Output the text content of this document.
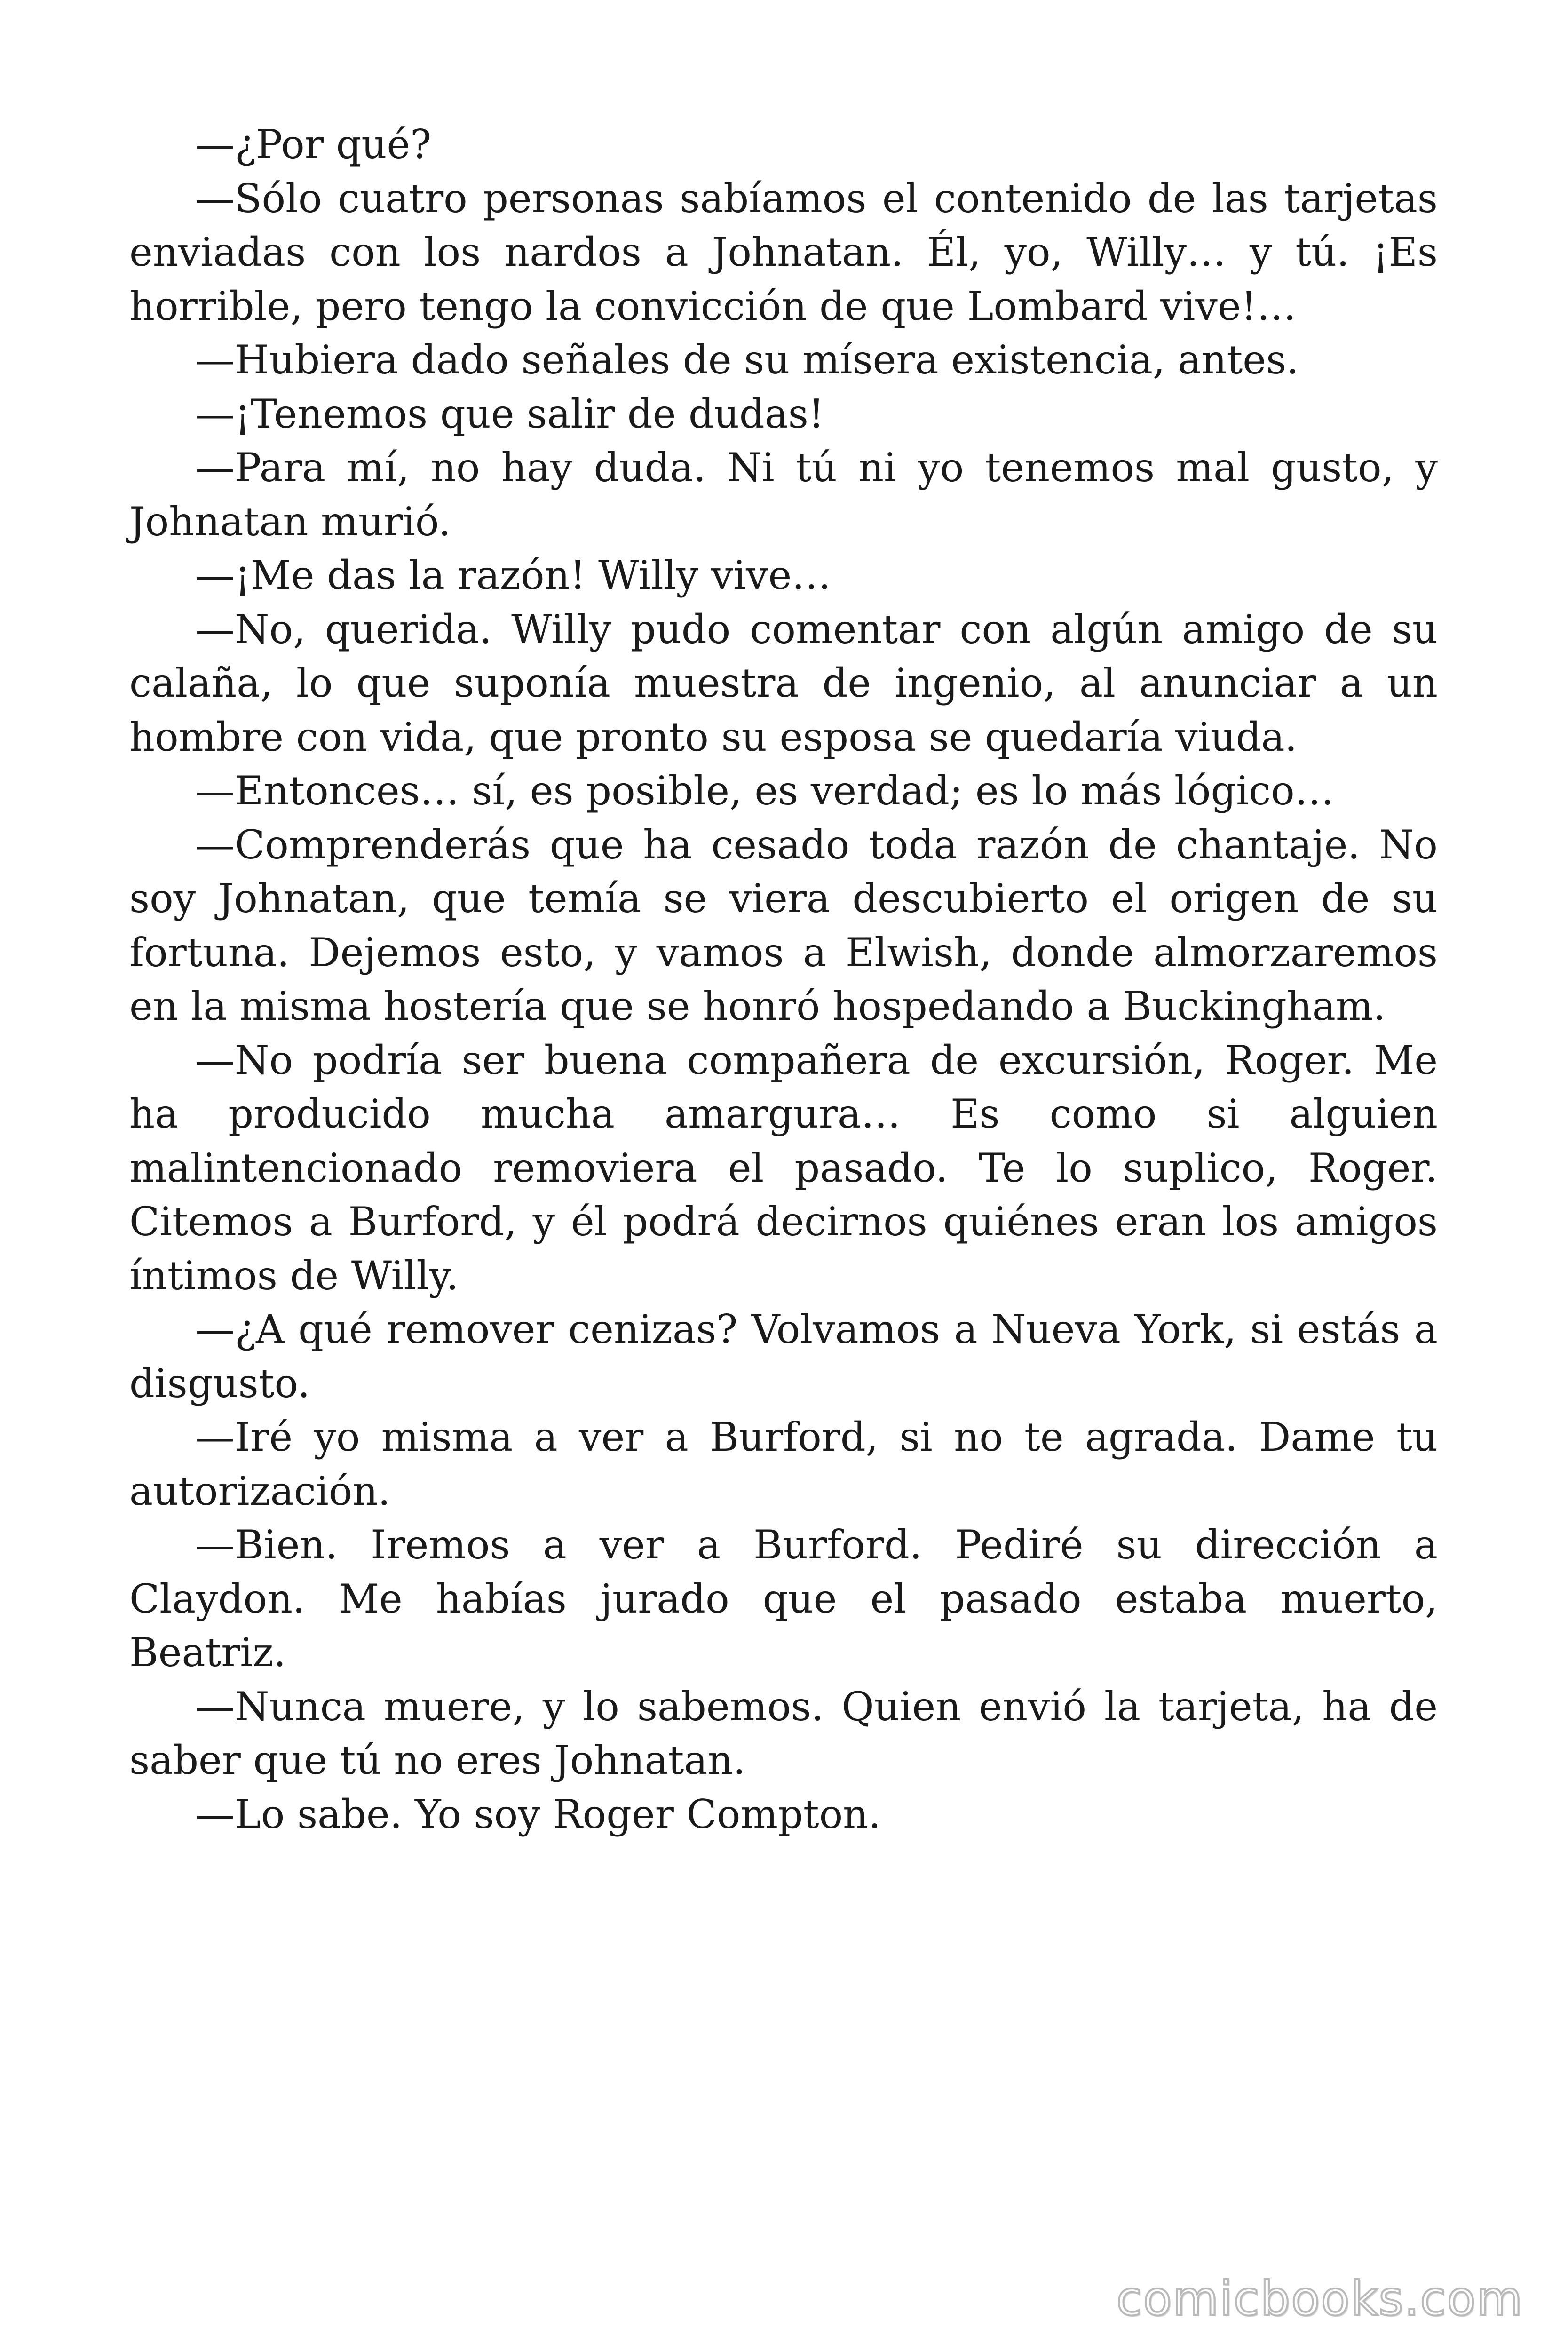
—¿Por qué?

—Sólo cuatro personas sabíamos el contenido de las tarjetas enviadas con los nardos a Johnatan. Él, yo, Willy… y tú. ¡Es horrible, pero tengo la convicción de que Lombard vive!…

—Hubiera dado señales de su mísera existencia, antes.

—¡Tenemos que salir de dudas!

—Para mí, no hay duda. Ni tú ni yo tenemos mal gusto, y Johnatan murió.

—¡Me das la razón! Willy vive…

—No, querida. Willy pudo comentar con algún amigo de su calaña, lo que suponía muestra de ingenio, al anunciar a un hombre con vida, que pronto su esposa se quedaría viuda.

—Entonces… sí, es posible, es verdad; es lo más lógico…

—Comprenderás que ha cesado toda razón de chantaje. No soy Johnatan, que temía se viera descubierto el origen de su fortuna. Dejemos esto, y vamos a Elwish, donde almorzaremos en la misma hostería que se honró hospedando a Buckingham.

—No podría ser buena compañera de excursión, Roger. Me ha producido mucha amargura… Es como si alguien malintencionado removiera el pasado. Te lo suplico, Roger. Citemos a Burford, y él podrá decirnos quiénes eran los amigos íntimos de Willy.

—¿A qué remover cenizas? Volvamos a Nueva York, si estás a disgusto.

—Iré yo misma a ver a Burford, si no te agrada. Dame tu autorización.

—Bien. Iremos a ver a Burford. Pediré su dirección a Claydon. Me habías jurado que el pasado estaba muerto, Beatriz.

—Nunca muere, y lo sabemos. Quien envió la tarjeta, ha de saber que tú no eres Johnatan.

—Lo sabe. Yo soy Roger Compton.

comicbooks.com
